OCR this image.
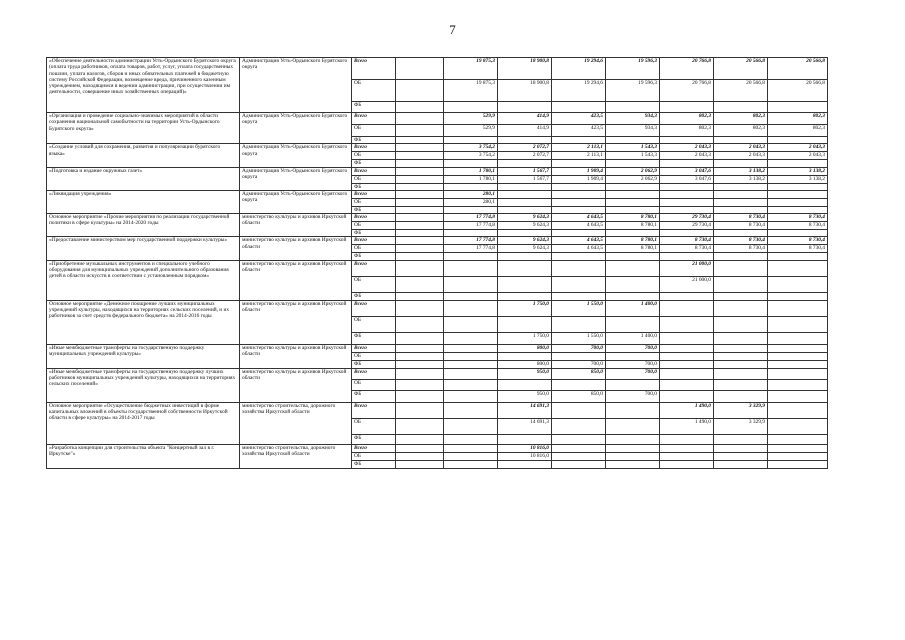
7
«Обеспечение деятельности администрации Усть-Ордынского Бурятского округа (оплата труда работников, оплата товаров, работ, услуг, уплата государственных пошлин, уплата налогов, сборов и иных обязательных платежей в бюджетную систему Российской Федерации, возмещение вреда, причиненного казенным учреждением, находящимся в ведении администрации, при осуществлении им деятельности, совершение иных хозяйственных операций)»	Администрация Усть-Ордынского Бурятского округа	Всего		19 875,3	18 900,8	19 294,6	19 596,3	20 766,8	20 566,8	20 566,8
		ОБ		19 875,3	18 900,8	19 294,6	19 596,3	20 766,8	20 566,8	20 566,8
		ФБ								
«Организация и проведение социально-значимых мероприятий в области сохранения национальной самобытности на территории Усть-Ордынского Бурятского округа»	Администрация Усть-Ордынского Бурятского округа	Всего		529,9	414,9	423,5	934,3	802,3	802,3	802,3
		ОБ		529,9	414,9	423,5	934,3	802,3	802,3	802,3
		ФБ								
«Создание условий для сохранения, развития и популяризации бурятского языка»	Администрация Усть-Ордынского Бурятского округа	Всего		3 754,2	2 072,7	2 113,1	1 543,3	2 043,3	2 043,3	2 043,3
		ОБ		3 754,2	2 072,7	2 113,1	1 543,3	2 043,3	2 043,3	2 043,3
		ФБ								
«Подготовка и издание окружных газет»	Администрация Усть-Ордынского Бурятского округа	Всего		1 780,1	1 567,7	1 909,4	2 062,9	3 047,6	3 138,2	3 138,2
		ОБ		1 780,1	1 567,7	1 909,4	2 062,9	3 047,6	3 138,2	3 138,2
		ФБ								
«Ликвидация учреждения»	Администрация Усть-Ордынского Бурятского округа	Всего		280,1						
		ОБ		280,1						
		ФБ								
Основное мероприятие «Прочие мероприятия по реализации государственной политики в сфере культуры» на 2014-2020 годы	министерство культуры и архивов Иркутской области	Всего		17 774,8	9 624,3	4 643,5	8 780,1	29 730,4	8 730,4	8 730,4
		ОБ		17 774,8	9 624,3	4 643,5	8 780,1	29 730,4	8 730,4	8 730,4
		ФБ								
«Предоставление министерством мер государственной поддержки культуры»	министерство культуры и архивов Иркутской области	Всего		17 774,8	9 624,3	4 643,5	8 780,1	8 730,4	8 730,4	8 730,4
		ОБ		17 774,8	9 624,3	4 643,5	8 780,1	8 730,4	8 730,4	8 730,4
		ФБ								
«Приобретение музыкальных инструментов и специального учебного оборудования для муниципальных учреждений дополнительного образования детей в области искусств в соответствии с установленным порядком»	министерство культуры и архивов Иркутской области	Всего						21 000,0		
		ОБ						21 000,0		
		ФБ								
Основное мероприятие «Денежное поощрение лучших муниципальных учреждений культуры, находящихся на территориях сельских поселений, и их работников за счет средств федерального бюджета» на 2014-2016 годы	министерство культуры и архивов Иркутской области	Всего			1 750,0	1 550,0	1 400,0			
		ОБ								
		ФБ			1 750,0	1 550,0	1 400,0			
«Иные межбюджетные трансферты на государственную поддержку муниципальных учреждений культуры»	министерство культуры и архивов Иркутской области	Всего			800,0	700,0	700,0			
		ОБ								
		ФБ			800,0	700,0	700,0			
«Иные межбюджетные трансферты на государственную поддержку лучших работников муниципальных учреждений культуры, находящихся на территориях сельских поселений»	министерство культуры и архивов Иркутской области	Всего			950,0	850,0	700,0			
		ОБ								
		ФБ			950,0	850,0	700,0			
Основное мероприятие «Осуществление бюджетных инвестиций в форме капитальных вложений в объекты государственной собственности Иркутской области в сфере культуры» на 2014-2017 годы	министерство строительства, дорожного хозяйства Иркутской области	Всего			14 691,3			1 490,0	3 329,9	
		ОБ			14 691,3			1 490,0	3 329,9	
		ФБ								
«Разработка концепции для строительства объекта "Концертный зал в г. Иркутске"»	министерство строительства, дорожного хозяйства Иркутской области	Всего			10 816,0					
		ОБ			10 816,0					
		ФБ								
